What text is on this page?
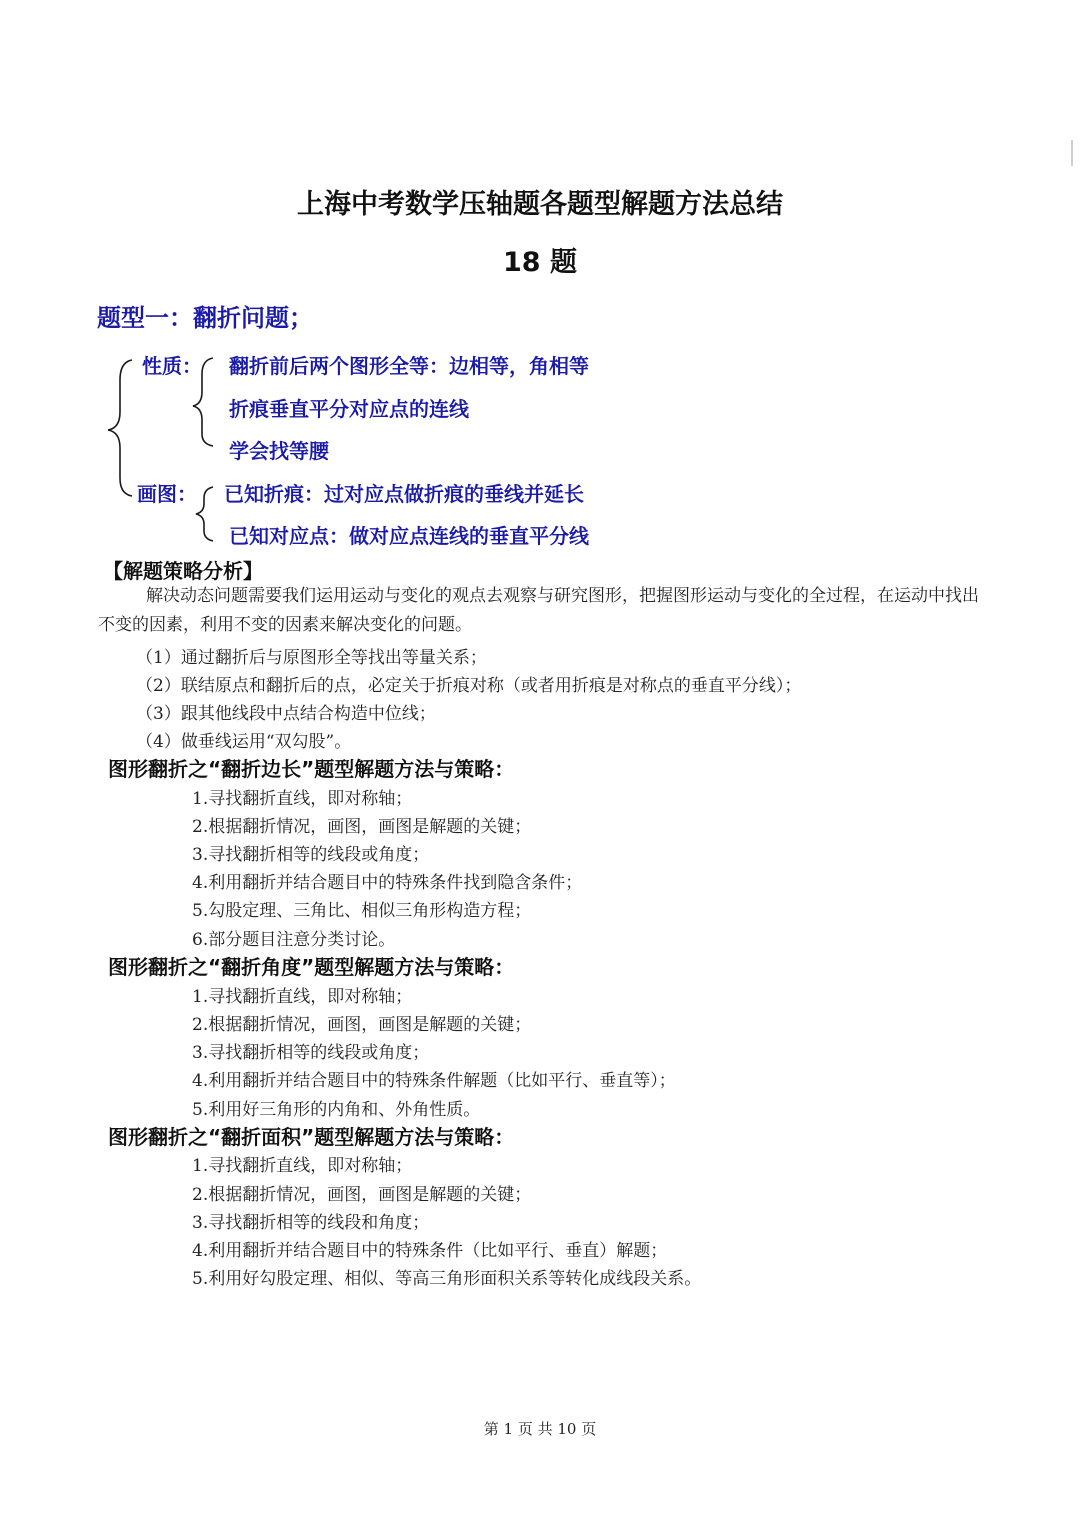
上海中考数学压轴题各题型解题方法总结
18 题
题型一：翻折问题；
性质： 翻折前后两个图形全等：边相等，角相等
折痕垂直平分对应点的连线
学会找等腰
画图： 已知折痕：过对应点做折痕的垂线并延长
已知对应点：做对应点连线的垂直平分线
【解题策略分析】
解决动态问题需要我们运用运动与变化的观点去观察与研究图形，把握图形运动与变化的全过程，在运动中找出不变的因素，利用不变的因素来解决变化的问题。
（1）通过翻折后与原图形全等找出等量关系；
（2）联结原点和翻折后的点，必定关于折痕对称（或者用折痕是对称点的垂直平分线）；
（3）跟其他线段中点结合构造中位线；
（4）做垂线运用“双勾股”。
图形翻折之“翻折边长”题型解题方法与策略：
1.寻找翻折直线，即对称轴；
2.根据翻折情况，画图，画图是解题的关键；
3.寻找翻折相等的线段或角度；
4.利用翻折并结合题目中的特殊条件找到隐含条件；
5.勾股定理、三角比、相似三角形构造方程；
6.部分题目注意分类讨论。
图形翻折之“翻折角度”题型解题方法与策略：
1.寻找翻折直线，即对称轴；
2.根据翻折情况，画图，画图是解题的关键；
3.寻找翻折相等的线段或角度；
4.利用翻折并结合题目中的特殊条件解题（比如平行、垂直等）；
5.利用好三角形的内角和、外角性质。
图形翻折之“翻折面积”题型解题方法与策略：
1.寻找翻折直线，即对称轴；
2.根据翻折情况，画图，画图是解题的关键；
3.寻找翻折相等的线段和角度；
4.利用翻折并结合题目中的特殊条件（比如平行、垂直）解题；
5.利用好勾股定理、相似、等高三角形面积关系等转化成线段关系。
第 1 页 共 10 页
